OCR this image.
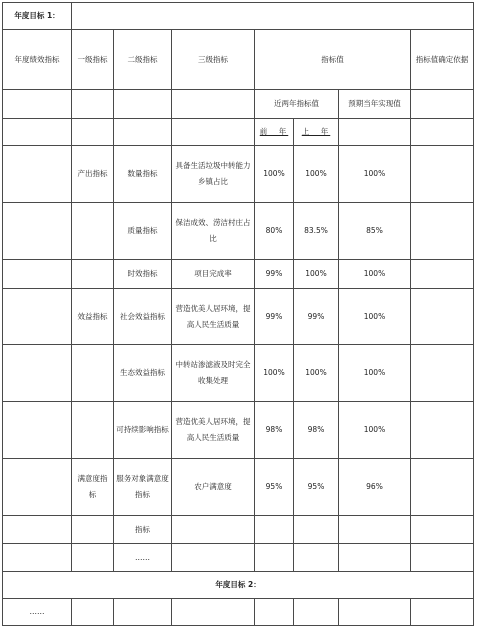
年度目标 1：							
年度绩效指标	一级指标	二级指标	三级指标	指标值			指标值确定依据
				近两年指标值		预期当年实现值	
				前　年	上　年		
	产出指标	数量指标	具备生活垃圾中转能力乡镇占比	100%	100%	100%	
		质量指标	保洁成效、涝洁村庄占比	80%	83.5%	85%	
		时效指标	项目完成率	99%	100%	100%	
	效益指标	社会效益指标	营造优美人居环境，提高人民生活质量	99%	99%	100%	
		生态效益指标	中转站渗滤液及时完全收集处理	100%	100%	100%	
		可持续影响指标	营造优美人居环境，提高人民生活质量	98%	98%	100%	
	满意度指标	服务对象满意度指标	农户满意度	95%	95%	96%	
		指标					
		……					
年度目标 2：							
……							
